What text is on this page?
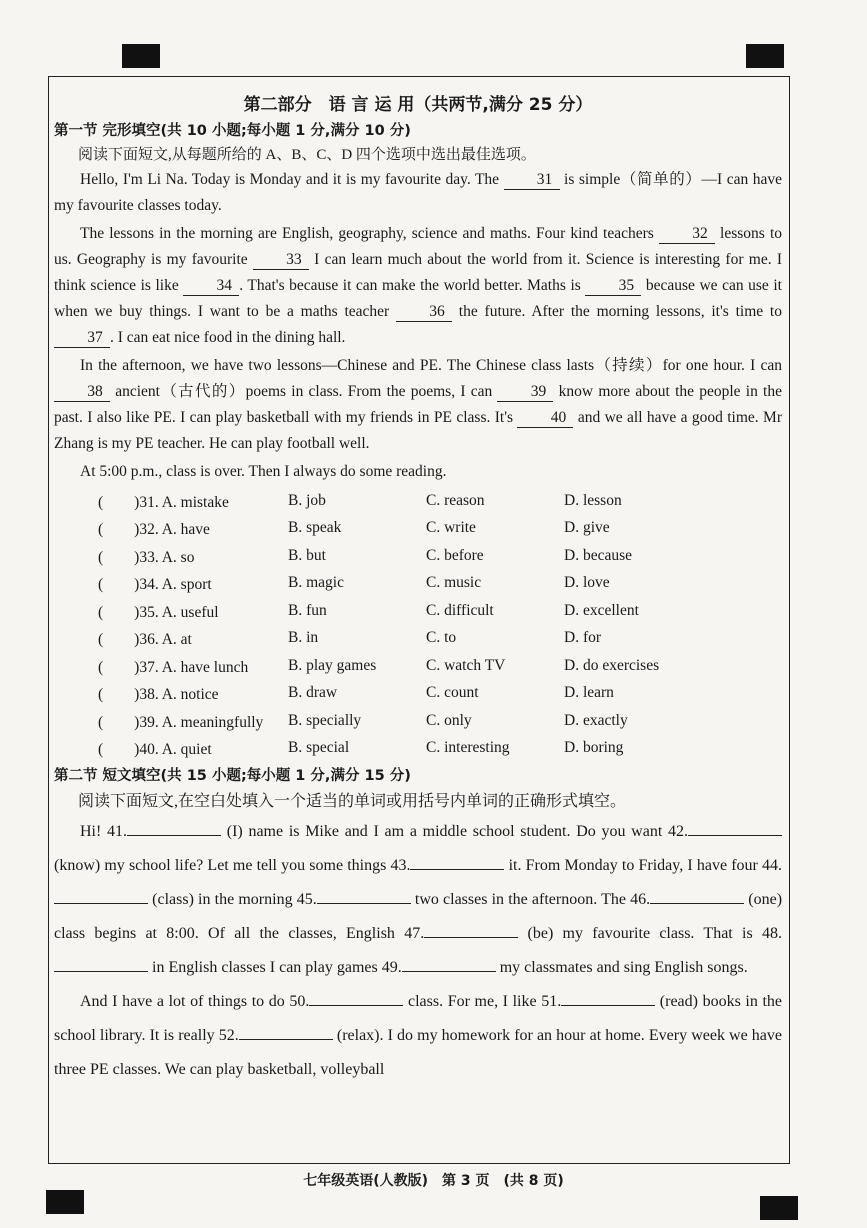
第二部分　语 言 运 用（共两节,满分 25 分）
第一节 完形填空(共 10 小题;每小题 1 分,满分 10 分)
阅读下面短文,从每题所给的 A、B、C、D 四个选项中选出最佳选项。

Hello, I'm Li Na. Today is Monday and it is my favourite day. The 31 is simple（简单的）—I can have my favourite classes today.

The lessons in the morning are English, geography, science and maths. Four kind teachers 32 lessons to us. Geography is my favourite 33 I can learn much about the world from it. Science is interesting for me. I think science is like 34 . That's because it can make the world better. Maths is 35 because we can use it when we buy things. I want to be a maths teacher 36 the future. After the morning lessons, it's time to 37 . I can eat nice food in the dining hall.

In the afternoon, we have two lessons—Chinese and PE. The Chinese class lasts（持续）for one hour. I can 38 ancient（古代的）poems in class. From the poems, I can 39 know more about the people in the past. I also like PE. I can play basketball with my friends in PE class. It's 40 and we all have a good time. Mr Zhang is my PE teacher. He can play football well.

At 5:00 p.m., class is over. Then I always do some reading.

(　　)31. A. mistake	B. job	C. reason	D. lesson
(　　)32. A. have	B. speak	C. write	D. give
(　　)33. A. so	B. but	C. before	D. because
(　　)34. A. sport	B. magic	C. music	D. love
(　　)35. A. useful	B. fun	C. difficult	D. excellent
(　　)36. A. at	B. in	C. to	D. for
(　　)37. A. have lunch	B. play games	C. watch TV	D. do exercises
(　　)38. A. notice	B. draw	C. count	D. learn
(　　)39. A. meaningfully	B. specially	C. only	D. exactly
(　　)40. A. quiet	B. special	C. interesting	D. boring
第二节 短文填空(共 15 小题;每小题 1 分,满分 15 分)
阅读下面短文,在空白处填入一个适当的单词或用括号内单词的正确形式填空。

Hi! 41.	(I) name is Mike and I am a middle school student. Do you want 42. (know) my school life? Let me tell you some things 43.	it. From Monday to Friday, I have four 44. (class) in the morning 45.	two classes in the afternoon. The 46.	(one) class begins at 8:00. Of all the classes, English 47.	(be) my favourite class. That is 48. in English classes I can play games 49.	my classmates and sing English songs.

And I have a lot of things to do 50.	class. For me, I like 51.	(read) books in the school library. It is really 52.	(relax). I do my homework for an hour at home. Every week we have three PE classes. We can play basketball, volleyball

七年级英语(人教版)　第 3 页　(共 8 页)
